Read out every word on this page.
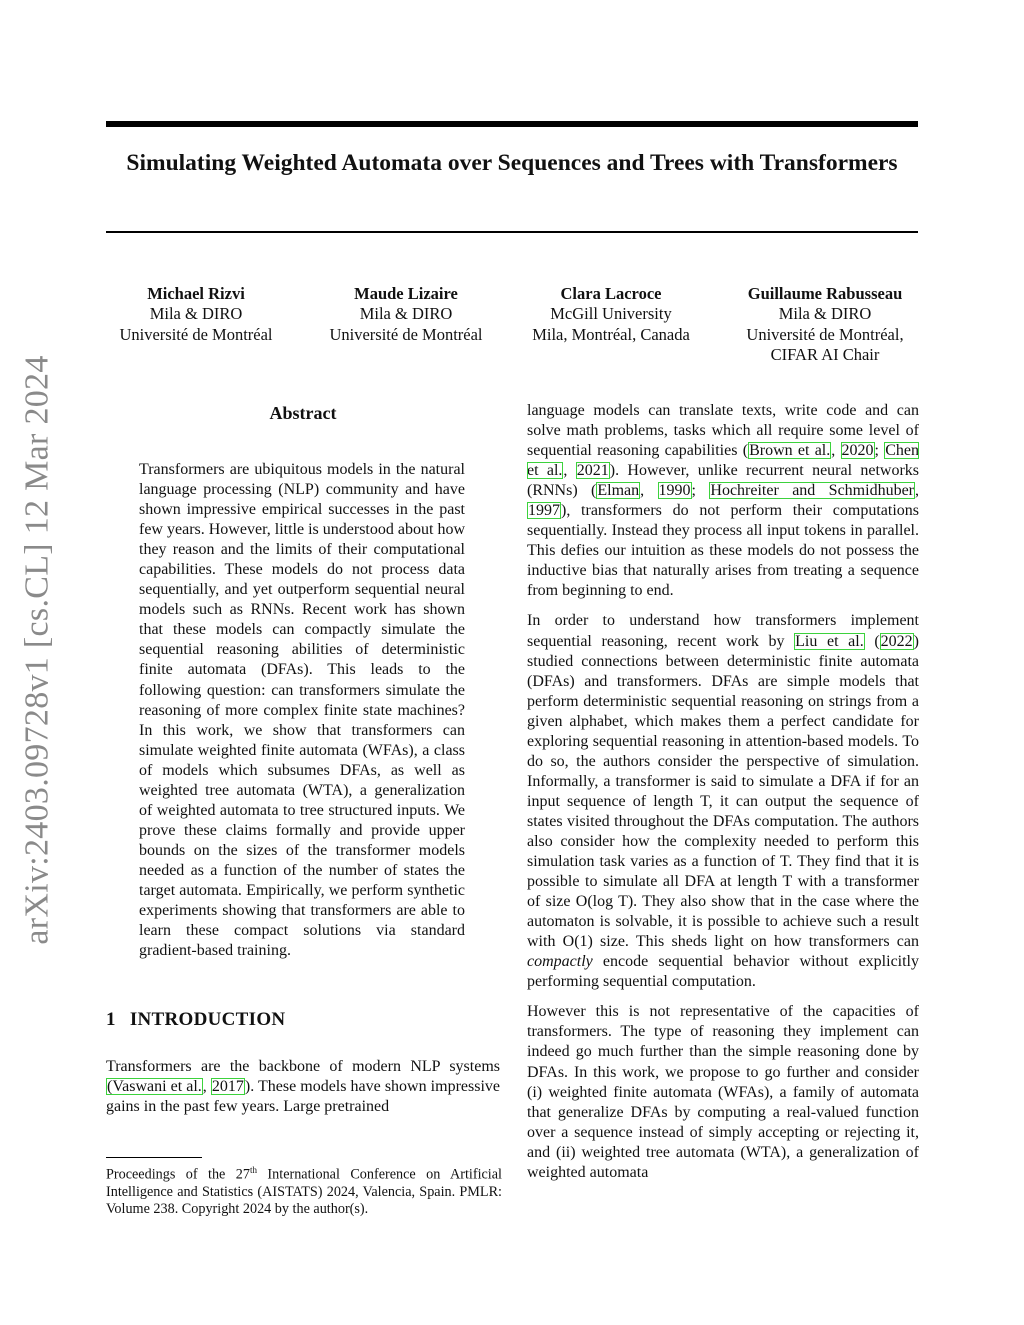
arXiv:2403.09728v1 [cs.CL] 12 Mar 2024
Simulating Weighted Automata over Sequences and Trees with Transformers
Michael Rizvi
Mila & DIRO
Université de Montréal
Maude Lizaire
Mila & DIRO
Université de Montréal
Clara Lacroce
McGill University
Mila, Montréal, Canada
Guillaume Rabusseau
Mila & DIRO
Université de Montréal,
CIFAR AI Chair
Abstract

Transformers are ubiquitous models in the natural language processing (NLP) community and have shown impressive empirical successes in the past few years. However, little is understood about how they reason and the limits of their computational capabilities. These models do not process data sequentially, and yet outperform sequential neural models such as RNNs. Recent work has shown that these models can compactly simulate the sequential reasoning abilities of deterministic finite automata (DFAs). This leads to the following question: can transformers simulate the reasoning of more complex finite state machines? In this work, we show that transformers can simulate weighted finite automata (WFAs), a class of models which subsumes DFAs, as well as weighted tree automata (WTA), a generalization of weighted automata to tree structured inputs. We prove these claims formally and provide upper bounds on the sizes of the transformer models needed as a function of the number of states the target automata. Empirically, we perform synthetic experiments showing that transformers are able to learn these compact solutions via standard gradient-based training.

1 INTRODUCTION

Transformers are the backbone of modern NLP systems (Vaswani et al., 2017). These models have shown impressive gains in the past few years. Large pretrained

Proceedings of the 27th International Conference on Artificial Intelligence and Statistics (AISTATS) 2024, Valencia, Spain. PMLR: Volume 238. Copyright 2024 by the author(s).

language models can translate texts, write code and can solve math problems, tasks which all require some level of sequential reasoning capabilities (Brown et al., 2020; Chen et al., 2021). However, unlike recurrent neural networks (RNNs) (Elman, 1990; Hochreiter and Schmidhuber, 1997), transformers do not perform their computations sequentially. Instead they process all input tokens in parallel. This defies our intuition as these models do not possess the inductive bias that naturally arises from treating a sequence from beginning to end.

In order to understand how transformers implement sequential reasoning, recent work by Liu et al. (2022) studied connections between deterministic finite automata (DFAs) and transformers. DFAs are simple models that perform deterministic sequential reasoning on strings from a given alphabet, which makes them a perfect candidate for exploring sequential reasoning in attention-based models. To do so, the authors consider the perspective of simulation. Informally, a transformer is said to simulate a DFA if for an input sequence of length T, it can output the sequence of states visited throughout the DFAs computation. The authors also consider how the complexity needed to perform this simulation task varies as a function of T. They find that it is possible to simulate all DFA at length T with a transformer of size O(log T). They also show that in the case where the automaton is solvable, it is possible to achieve such a result with O(1) size. This sheds light on how transformers can compactly encode sequential behavior without explicitly performing sequential computation.

However this is not representative of the capacities of transformers. The type of reasoning they implement can indeed go much further than the simple reasoning done by DFAs. In this work, we propose to go further and consider (i) weighted finite automata (WFAs), a family of automata that generalize DFAs by computing a real-valued function over a sequence instead of simply accepting or rejecting it, and (ii) weighted tree automata (WTA), a generalization of weighted automata
